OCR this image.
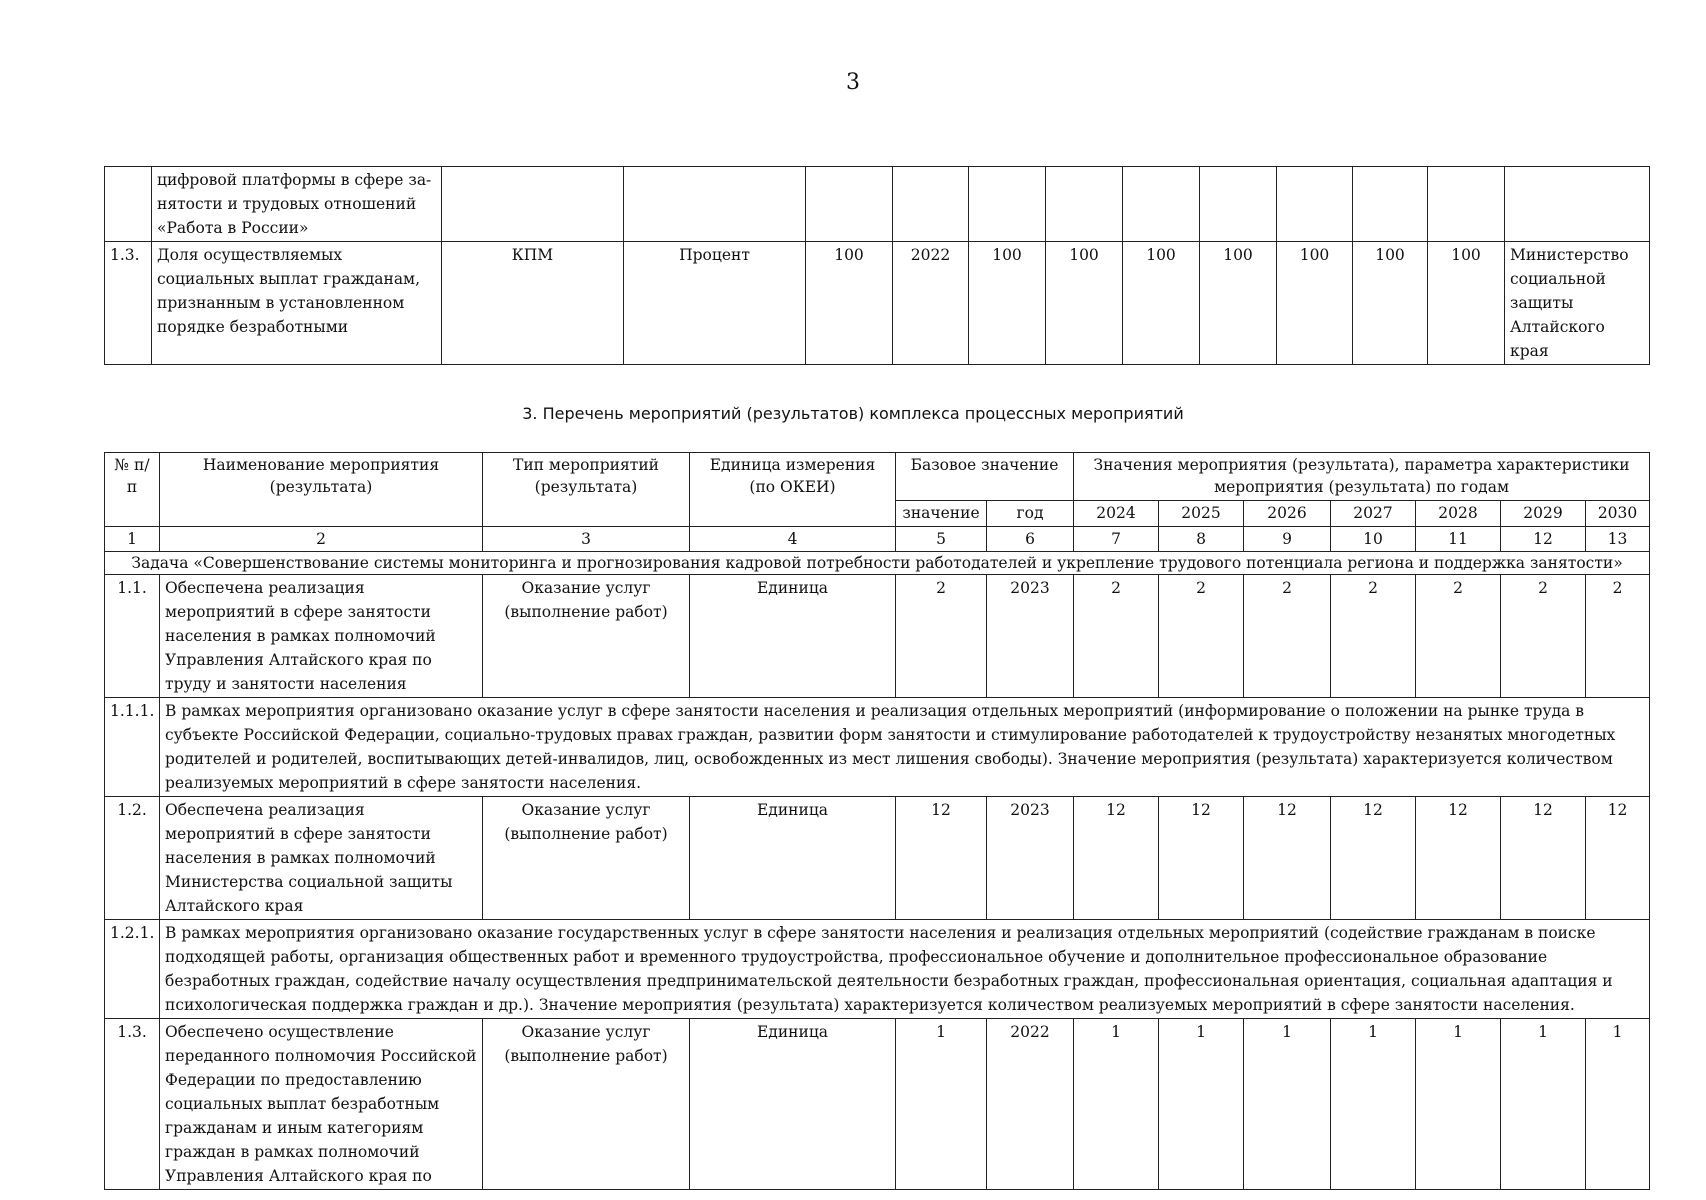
3
	цифровой платформы в сфере за-нятости и трудовых отношений «Работа в России»												
1.3.	Доля осуществляемых социальных выплат гражданам, признанным в установленном порядке безработными	КПМ	Процент	100	2022	100	100	100	100	100	100	100	Министерство социальной защиты Алтайского края
3. Перечень мероприятий (результатов) комплекса процессных мероприятий
№ п/п	Наименование мероприятия (результата)	Тип мероприятий (результата)	Единица измерения (по ОКЕИ)	Базовое значение		Значения мероприятия (результата), параметра характеристики мероприятия (результата) по годам						
				значение	год	2024	2025	2026	2027	2028	2029	2030
1	2	3	4	5	6	7	8	9	10	11	12	13
Задача «Совершенствование системы мониторинга и прогнозирования кадровой потребности работодателей и укрепление трудового потенциала региона и поддержка занятости»												
1.1.	Обеспечена реализация мероприятий в сфере занятости населения в рамках полномочий Управления Алтайского края по труду и занятости населения	Оказание услуг (выполнение работ)	Единица	2	2023	2	2	2	2	2	2	2
1.1.1.	В рамках мероприятия организовано оказание услуг в сфере занятости населения и реализация отдельных мероприятий (информирование о положении на рынке труда в субъекте Российской Федерации, социально-трудовых правах граждан, развитии форм занятости и стимулирование работодателей к трудоустройству незанятых многодетных родителей и родителей, воспитывающих детей-инвалидов, лиц, освобожденных из мест лишения свободы). Значение мероприятия (результата) характеризуется количеством реализуемых мероприятий в сфере занятости населения.											
1.2.	Обеспечена реализация мероприятий в сфере занятости населения в рамках полномочий Министерства социальной защиты Алтайского края	Оказание услуг (выполнение работ)	Единица	12	2023	12	12	12	12	12	12	12
1.2.1.	В рамках мероприятия организовано оказание государственных услуг в сфере занятости населения и реализация отдельных мероприятий (содействие гражданам в поиске подходящей работы, организация общественных работ и временного трудоустройства, профессиональное обучение и дополнительное профессиональное образование безработных граждан, содействие началу осуществления предпринимательской деятельности безработных граждан, профессиональная ориентация, социальная адаптация и психологическая поддержка граждан и др.). Значение мероприятия (результата) характеризуется количеством реализуемых мероприятий в сфере занятости населения.											
1.3.	Обеспечено осуществление переданного полномочия Российской Федерации по предоставлению социальных выплат безработным гражданам и иным категориям граждан в рамках полномочий Управления Алтайского края по	Оказание услуг (выполнение работ)	Единица	1	2022	1	1	1	1	1	1	1
